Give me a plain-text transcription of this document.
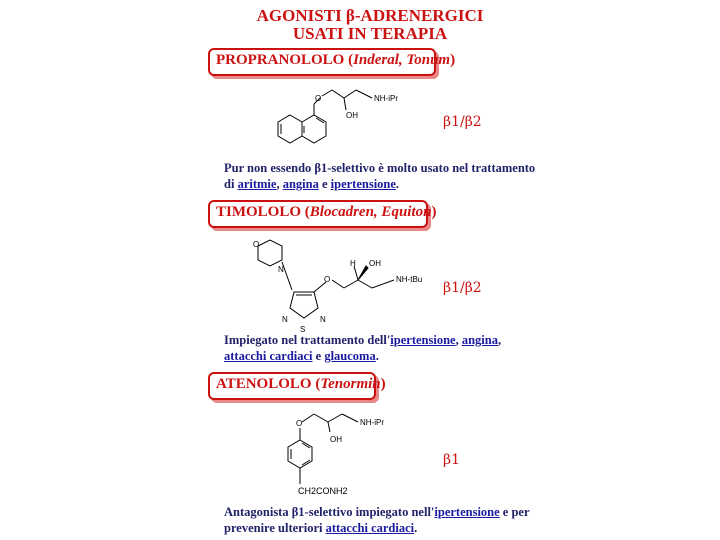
AGONISTI β-ADRENERGICI
USATI IN TERAPIA
PROPRANOLOLO (Inderal, Tonum)
O
OH
NH-iPr
β1/β2
Pur non essendo β1-selettivo è molto usato nel trattamento di aritmie, angina e ipertensione.
TIMOLOLO (Blocadren, Equiton)
O
N
O
H OH
NH-tBu
N	N
S
β1/β2
Impiegato nel trattamento dell'ipertensione, angina, attacchi cardiaci e glaucoma.
ATENOLOLO (Tenormin)
O
OH
NH-iPr
CH2CONH2
β1
Antagonista β1-selettivo impiegato nell'ipertensione e per prevenire ulteriori attacchi cardiaci.
